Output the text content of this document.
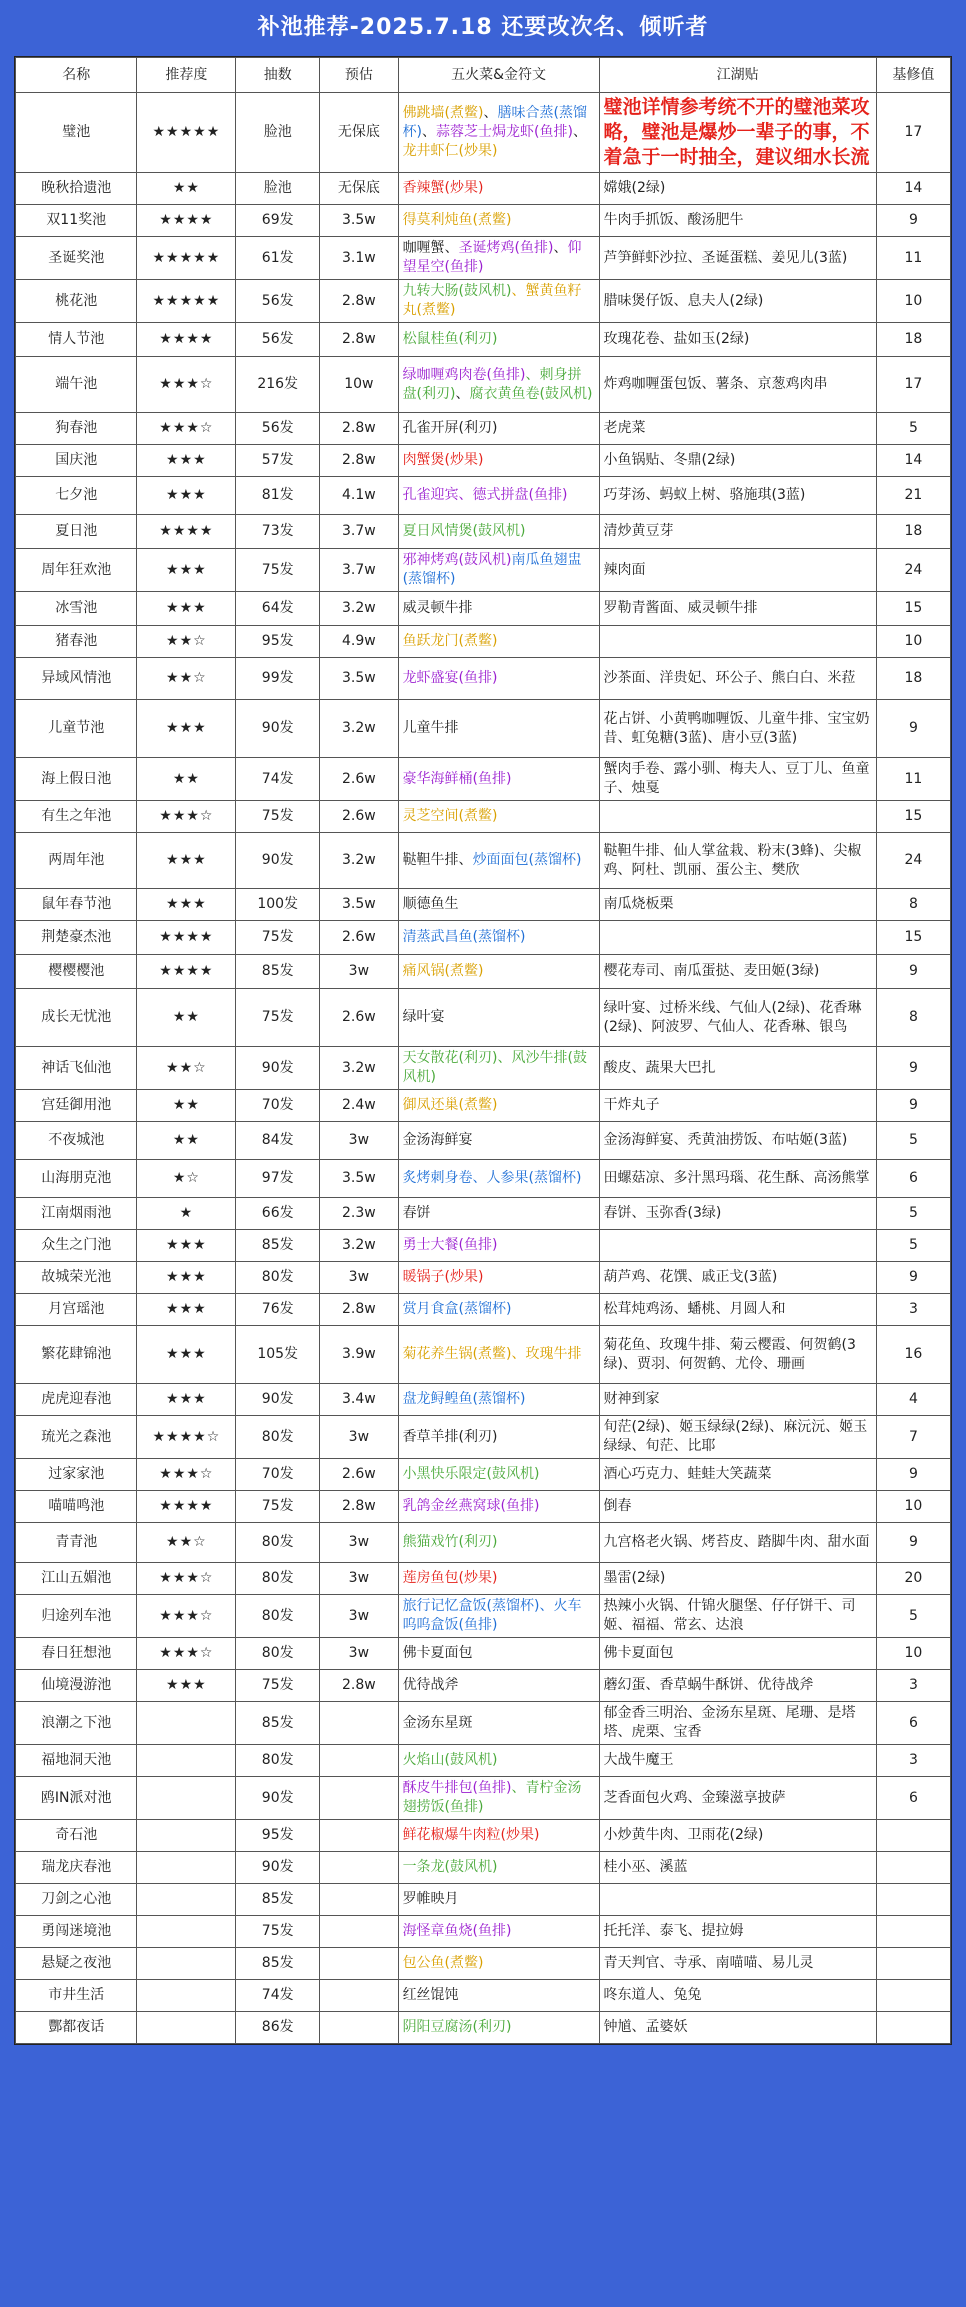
补池推荐-2025.7.18 还要改次名、倾听者
名称	推荐度	抽数	预估	五火菜&金符文	江湖贴	基修值
璧池	★★★★★	脸池	无保底	佛跳墙(煮鳖)、膳味合蒸(蒸馏杯)、蒜蓉芝士焗龙虾(鱼排)、龙井虾仁(炒果)	璧池详情参考统不开的璧池菜攻略，璧池是爆炒一辈子的事，不着急于一时抽全，建议细水长流	17
晚秋拾遗池	★★	脸池	无保底	香辣蟹(炒果)	嫦娥(2绿)	14
双11奖池	★★★★	69发	3.5w	得莫利炖鱼(煮鳖)	牛肉手抓饭、酸汤肥牛	9
圣诞奖池	★★★★★	61发	3.1w	咖喱蟹、圣诞烤鸡(鱼排)、仰望星空(鱼排)	芦笋鲜虾沙拉、圣诞蛋糕、姜见儿(3蓝)	11
桃花池	★★★★★	56发	2.8w	九转大肠(鼓风机)、蟹黄鱼籽丸(煮鳖)	腊味煲仔饭、息夫人(2绿)	10
情人节池	★★★★	56发	2.8w	松鼠桂鱼(利刃)	玫瑰花卷、盐如玉(2绿)	18
端午池	★★★☆	216发	10w	绿咖喱鸡肉卷(鱼排)、刺身拼盘(利刃)、腐衣黄鱼卷(鼓风机)	炸鸡咖喱蛋包饭、薯条、京葱鸡肉串	17
狗春池	★★★☆	56发	2.8w	孔雀开屏(利刃)	老虎菜	5
国庆池	★★★	57发	2.8w	肉蟹煲(炒果)	小鱼锅贴、冬鼎(2绿)	14
七夕池	★★★	81发	4.1w	孔雀迎宾、德式拼盘(鱼排)	巧芽汤、蚂蚁上树、骆施琪(3蓝)	21
夏日池	★★★★	73发	3.7w	夏日风情煲(鼓风机)	清炒黄豆芽	18
周年狂欢池	★★★	75发	3.7w	邪神烤鸡(鼓风机)南瓜鱼翅盅(蒸馏杯)	辣肉面	24
冰雪池	★★★	64发	3.2w	威灵顿牛排	罗勒青酱面、威灵顿牛排	15
猪春池	★★☆	95发	4.9w	鱼跃龙门(煮鳖)		10
异域风情池	★★☆	99发	3.5w	龙虾盛宴(鱼排)	沙茶面、洋贵妃、环公子、熊白白、米菈	18
儿童节池	★★★	90发	3.2w	儿童牛排	花占饼、小黄鸭咖喱饭、儿童牛排、宝宝奶昔、虹兔糖(3蓝)、唐小豆(3蓝)	9
海上假日池	★★	74发	2.6w	豪华海鲜桶(鱼排)	蟹肉手卷、露小驯、梅夫人、豆丁儿、鱼童子、烛戛	11
有生之年池	★★★☆	75发	2.6w	灵芝空间(煮鳖)		15
两周年池	★★★	90发	3.2w	鞑靼牛排、炒面面包(蒸馏杯)	鞑靼牛排、仙人掌盆栽、粉末(3蜂)、尖椒鸡、阿杜、凯丽、蛋公主、樊欣	24
鼠年春节池	★★★	100发	3.5w	顺德鱼生	南瓜烧板栗	8
荆楚豪杰池	★★★★	75发	2.6w	清蒸武昌鱼(蒸馏杯)		15
樱樱樱池	★★★★	85发	3w	痛风锅(煮鳖)	樱花寿司、南瓜蛋挞、麦田姬(3绿)	9
成长无忧池	★★	75发	2.6w	绿叶宴	绿叶宴、过桥米线、气仙人(2绿)、花香琳(2绿)、阿波罗、气仙人、花香琳、银鸟	8
神话飞仙池	★★☆	90发	3.2w	天女散花(利刃)、风沙牛排(鼓风机)	酸皮、蔬果大巴扎	9
宫廷御用池	★★	70发	2.4w	御凤还巢(煮鳖)	干炸丸子	9
不夜城池	★★	84发	3w	金汤海鲜宴	金汤海鲜宴、秃黄油捞饭、布咕姬(3蓝)	5
山海朋克池	★☆	97发	3.5w	炙烤刺身卷、人参果(蒸馏杯)	田螺菇凉、多汁黑玛瑙、花生酥、高汤熊掌	6
江南烟雨池	★	66发	2.3w	春饼	春饼、玉弥香(3绿)	5
众生之门池	★★★	85发	3.2w	勇士大餐(鱼排)		5
故城荣光池	★★★	80发	3w	暖锅子(炒果)	葫芦鸡、花馔、戚正戈(3蓝)	9
月宫瑶池	★★★	76发	2.8w	赏月食盒(蒸馏杯)	松茸炖鸡汤、蟠桃、月圆人和	3
繁花肆锦池	★★★	105发	3.9w	菊花养生锅(煮鳖)、玫瑰牛排	菊花鱼、玫瑰牛排、菊云樱霞、何贺鹤(3绿)、贾羽、何贺鹤、尤伶、珊画	16
虎虎迎春池	★★★	90发	3.4w	盘龙鲟鳇鱼(蒸馏杯)	财神到家	4
琉光之森池	★★★★☆	80发	3w	香草羊排(利刃)	旬茫(2绿)、姬玉绿绿(2绿)、麻沅沅、姬玉绿绿、旬茫、比耶	7
过家家池	★★★☆	70发	2.6w	小黑快乐限定(鼓风机)	酒心巧克力、蛙蛙大笑蔬菜	9
喵喵鸣池	★★★★	75发	2.8w	乳鸽金丝燕窝球(鱼排)	倒春	10
青青池	★★☆	80发	3w	熊猫戏竹(利刃)	九宫格老火锅、烤苔皮、踏脚牛肉、甜水面	9
江山五媚池	★★★☆	80发	3w	莲房鱼包(炒果)	墨雷(2绿)	20
归途列车池	★★★☆	80发	3w	旅行记忆盒饭(蒸馏杯)、火车呜呜盒饭(鱼排)	热辣小火锅、什锦火腿堡、仔仔饼干、司姬、福福、常玄、达浪	5
春日狂想池	★★★☆	80发	3w	佛卡夏面包	佛卡夏面包	10
仙境漫游池	★★★	75发	2.8w	优待战斧	蘑幻蛋、香草蜗牛酥饼、优待战斧	3
浪潮之下池		85发		金汤东星斑	郁金香三明治、金汤东星斑、尾珊、是塔塔、虎栗、宝香	6
福地洞天池		80发		火焰山(鼓风机)	大战牛魔王	3
鸥IN派对池		90发		酥皮牛排包(鱼排)、青柠金汤翅捞饭(鱼排)	芝香面包火鸡、金臻滋享披萨	6
奇石池		95发		鲜花椒爆牛肉粒(炒果)	小炒黄牛肉、卫雨花(2绿)	
瑞龙庆春池		90发		一条龙(鼓风机)	桂小巫、溪蓝	
刀剑之心池		85发		罗帷映月		
勇闯迷境池		75发		海怪章鱼烧(鱼排)	托托洋、泰飞、提拉姆	
悬疑之夜池		85发		包公鱼(煮鳖)	青天判官、寺承、南喵喵、易儿灵	
市井生活		74发		红丝馄饨	咚东道人、兔兔	
酆都夜话		86发		阴阳豆腐汤(利刃)	钟馗、孟婆妖	
